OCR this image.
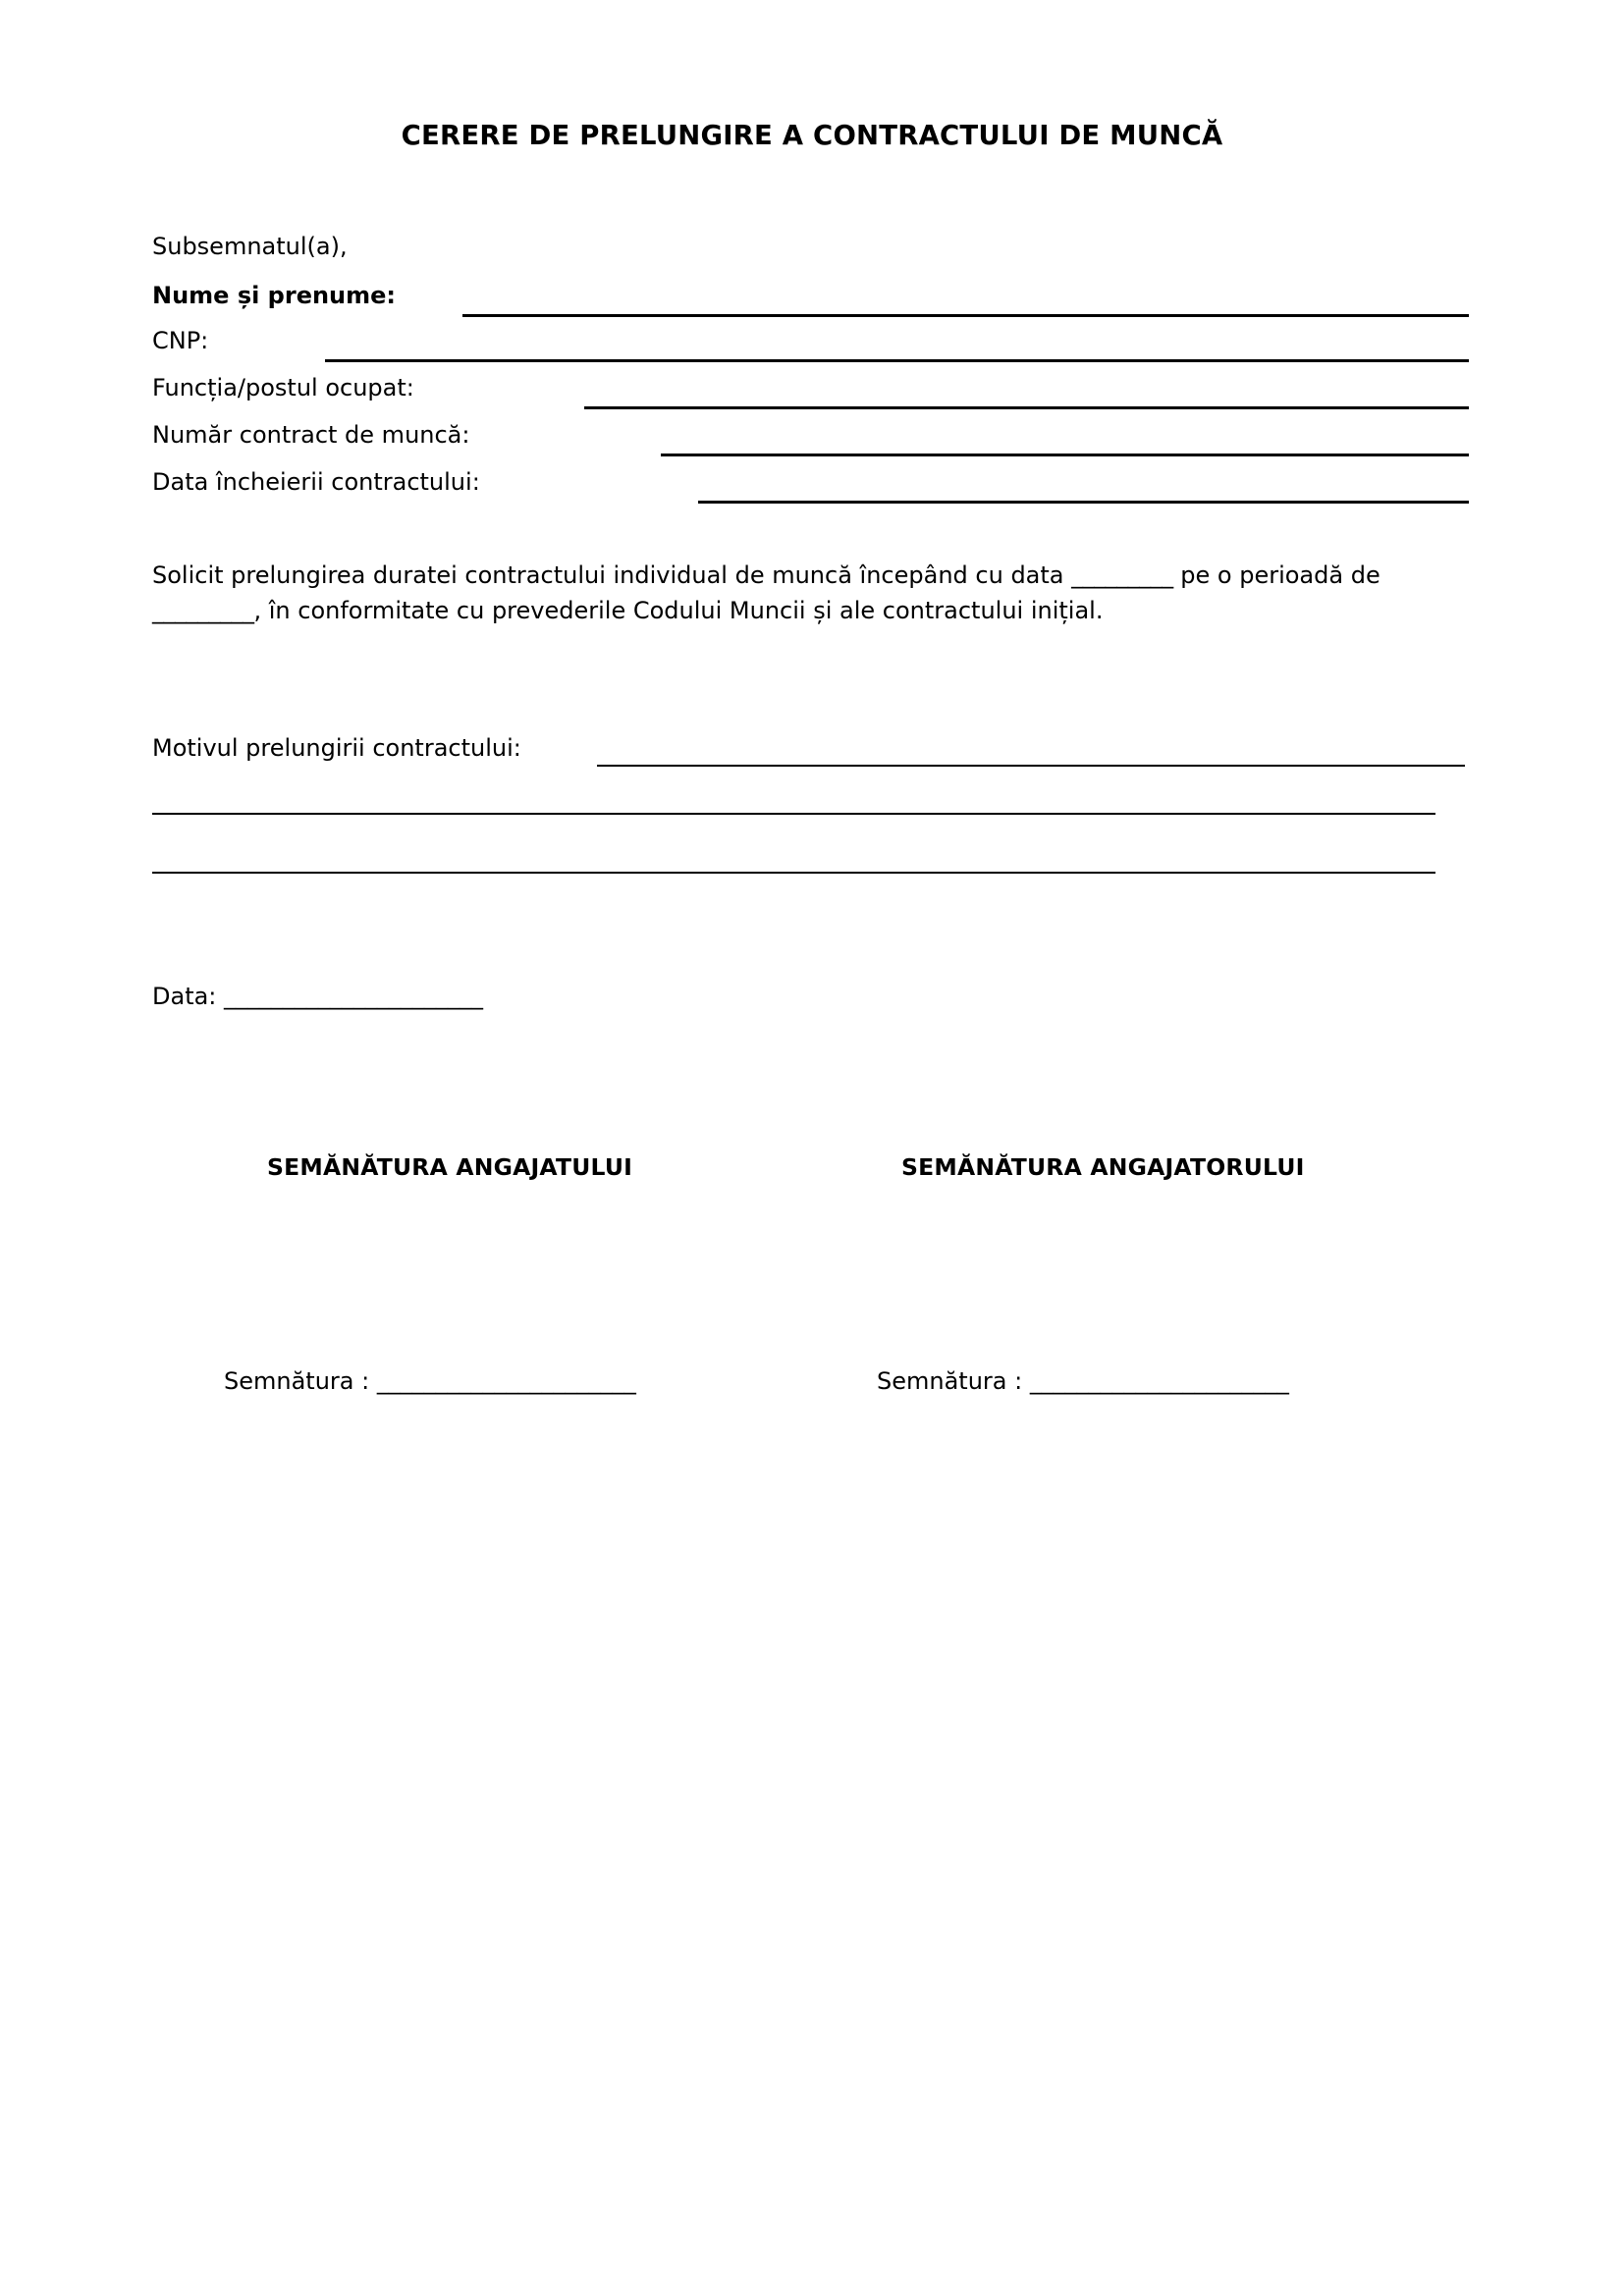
CERERE DE PRELUNGIRE A CONTRACTULUI DE MUNCĂ
Subsemnatul(a),
Nume și prenume:
CNP:
Funcția/postul ocupat:
Număr contract de muncă:
Data încheierii contractului:
Solicit prelungirea duratei contractului individual de muncă începând cu data _________ pe o perioadă de _________, în conformitate cu prevederile Codului Muncii și ale contractului inițial.
Motivul prelungirii contractului:
Data: ______________________
SEMĂNĂTURA ANGAJATULUI	SEMĂNĂTURA ANGAJATORULUI
Semnătura : ______________________	Semnătura : ______________________
